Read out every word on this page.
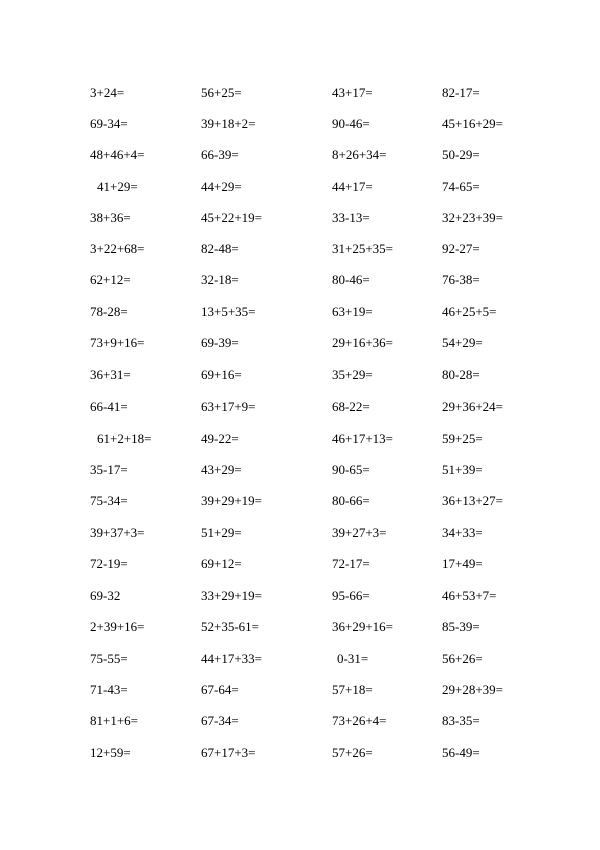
3+24=	56+25=	43+17=	82-17=
69-34=	39+18+2=	90-46=	45+16+29=
48+46+4=	66-39=	8+26+34=	50-29=
41+29=	44+29=	44+17=	74-65=
38+36=	45+22+19=	33-13=	32+23+39=
3+22+68=	82-48=	31+25+35=	92-27=
62+12=	32-18=	80-46=	76-38=
78-28=	13+5+35=	63+19=	46+25+5=
73+9+16=	69-39=	29+16+36=	54+29=
36+31=	69+16=	35+29=	80-28=
66-41=	63+17+9=	68-22=	29+36+24=
61+2+18=	49-22=	46+17+13=	59+25=
35-17=	43+29=	90-65=	51+39=
75-34=	39+29+19=	80-66=	36+13+27=
39+37+3=	51+29=	39+27+3=	34+33=
72-19=	69+12=	72-17=	17+49=
69-32	33+29+19=	95-66=	46+53+7=
2+39+16=	52+35-61=	36+29+16=	85-39=
75-55=	44+17+33=	0-31=	56+26=
71-43=	67-64=	57+18=	29+28+39=
81+1+6=	67-34=	73+26+4=	83-35=
12+59=	67+17+3=	57+26=	56-49=
